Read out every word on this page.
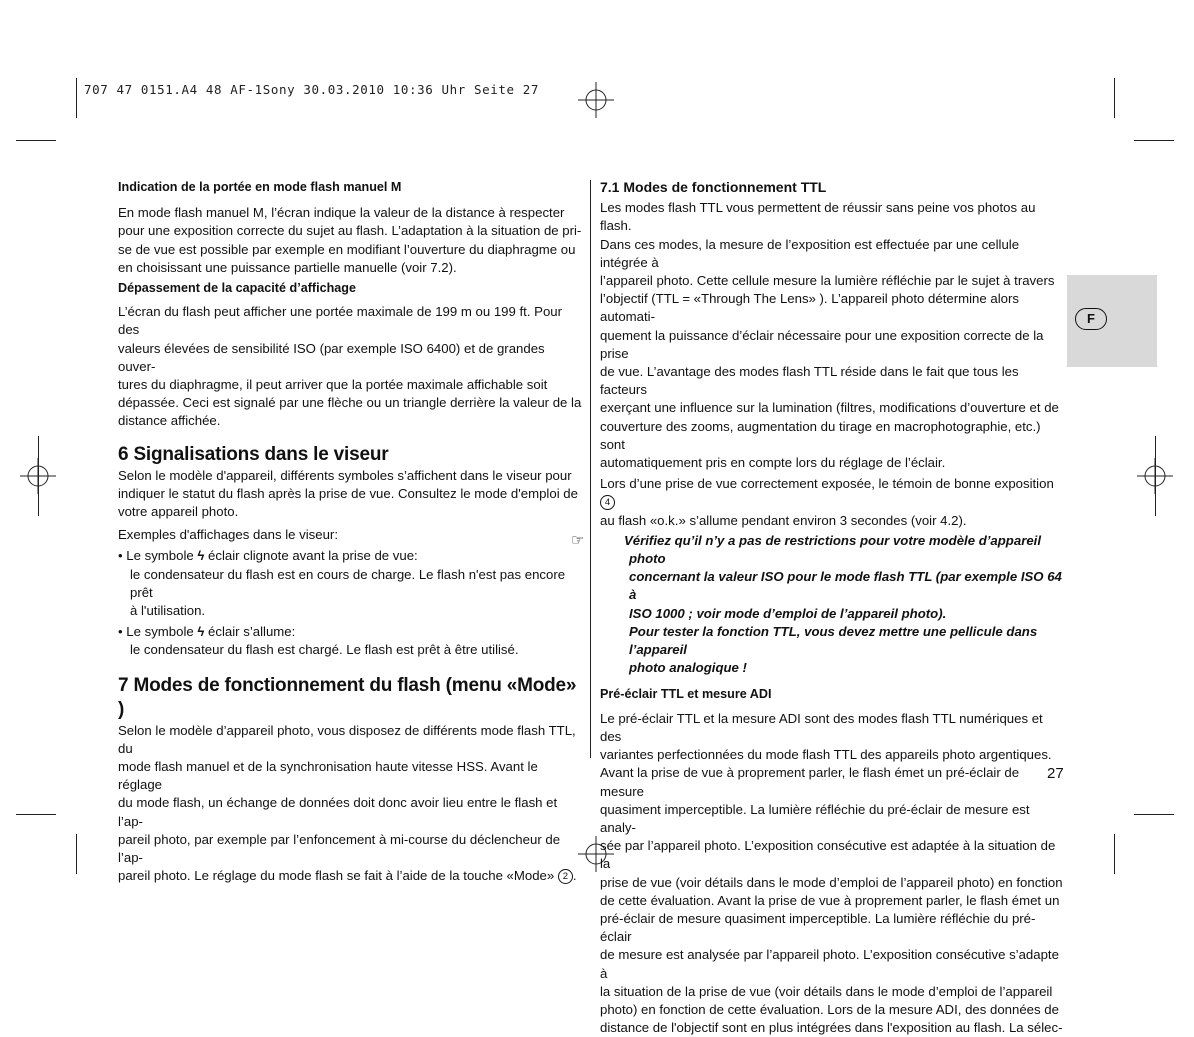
707 47 0151.A4 48 AF-1Sony 30.03.2010 10:36 Uhr Seite 27
F

Indication de la portée en mode flash manuel M

En mode flash manuel M, l’écran indique la valeur de la distance à respecter

pour une exposition correcte du sujet au flash. L’adaptation à la situation de pri-

se de vue est possible par exemple en modifiant l’ouverture du diaphragme ou

en choisissant une puissance partielle manuelle (voir 7.2).

Dépassement de la capacité d’affichage

L’écran du flash peut afficher une portée maximale de 199 m ou 199 ft. Pour des

valeurs élevées de sensibilité ISO (par exemple ISO 6400) et de grandes ouver-

tures du diaphragme, il peut arriver que la portée maximale affichable soit

dépassée. Ceci est signalé par une flèche ou un triangle derrière la valeur de la

distance affichée.

6 Signalisations dans le viseur

Selon le modèle d'appareil, différents symboles s’affichent dans le viseur pour

indiquer le statut du flash après la prise de vue. Consultez le mode d'emploi de

votre appareil photo.

Exemples d'affichages dans le viseur:

• Le symbole ϟ éclair clignote avant la prise de vue:
le condensateur du flash est en cours de charge. Le flash n'est pas encore prêt
à l'utilisation.
• Le symbole ϟ éclair s’allume:
le condensateur du flash est chargé. Le flash est prêt à être utilisé.

7 Modes de fonctionnement du flash (menu «Mode» )

Selon le modèle d’appareil photo, vous disposez de différents mode flash TTL, du

mode flash manuel et de la synchronisation haute vitesse HSS. Avant le réglage

du mode flash, un échange de données doit donc avoir lieu entre le flash et l’ap-

pareil photo, par exemple par l’enfoncement à mi-course du déclencheur de l’ap-

pareil photo. Le réglage du mode flash se fait à l’aide de la touche «Mode» 2 .

7.1 Modes de fonctionnement TTL

Les modes flash TTL vous permettent de réussir sans peine vos photos au flash.

Dans ces modes, la mesure de l’exposition est effectuée par une cellule intégrée à

l’appareil photo. Cette cellule mesure la lumière réfléchie par le sujet à travers

l’objectif (TTL = «Through The Lens» ). L’appareil photo détermine alors automati-

quement la puissance d’éclair nécessaire pour une exposition correcte de la prise

de vue. L’avantage des modes flash TTL réside dans le fait que tous les facteurs

exerçant une influence sur la lumination (filtres, modifications d’ouverture et de

couverture des zooms, augmentation du tirage en macrophotographie, etc.) sont

automatiquement pris en compte lors du réglage de l’éclair.

Lors d’une prise de vue correctement exposée, le témoin de bonne exposition 4

au flash «o.k.» s’allume pendant environ 3 secondes (voir 4.2).

☞	Vérifiez qu’il n’y a pas de restrictions pour votre modèle d’appareil photo
concernant la valeur ISO pour le mode flash TTL (par exemple ISO 64 à
ISO 1000 ; voir mode d’emploi de l’appareil photo).
Pour tester la fonction TTL, vous devez mettre une pellicule dans l’appareil
photo analogique !

Pré-éclair TTL et mesure ADI

Le pré-éclair TTL et la mesure ADI sont des modes flash TTL numériques et des

variantes perfectionnées du mode flash TTL des appareils photo argentiques.

Avant la prise de vue à proprement parler, le flash émet un pré-éclair de mesure

quasiment imperceptible. La lumière réfléchie du pré-éclair de mesure est analy-

sée par l’appareil photo. L’exposition consécutive est adaptée à la situation de la

prise de vue (voir détails dans le mode d’emploi de l’appareil photo) en fonction

de cette évaluation. Avant la prise de vue à proprement parler, le flash émet un

pré-éclair de mesure quasiment imperceptible. La lumière réfléchie du pré-éclair

de mesure est analysée par l’appareil photo. L’exposition consécutive s’adapte à

la situation de la prise de vue (voir détails dans le mode d’emploi de l’appareil

photo) en fonction de cette évaluation. Lors de la mesure ADI, des données de

distance de l'objectif sont en plus intégrées dans l'exposition au flash. La sélec-

27
